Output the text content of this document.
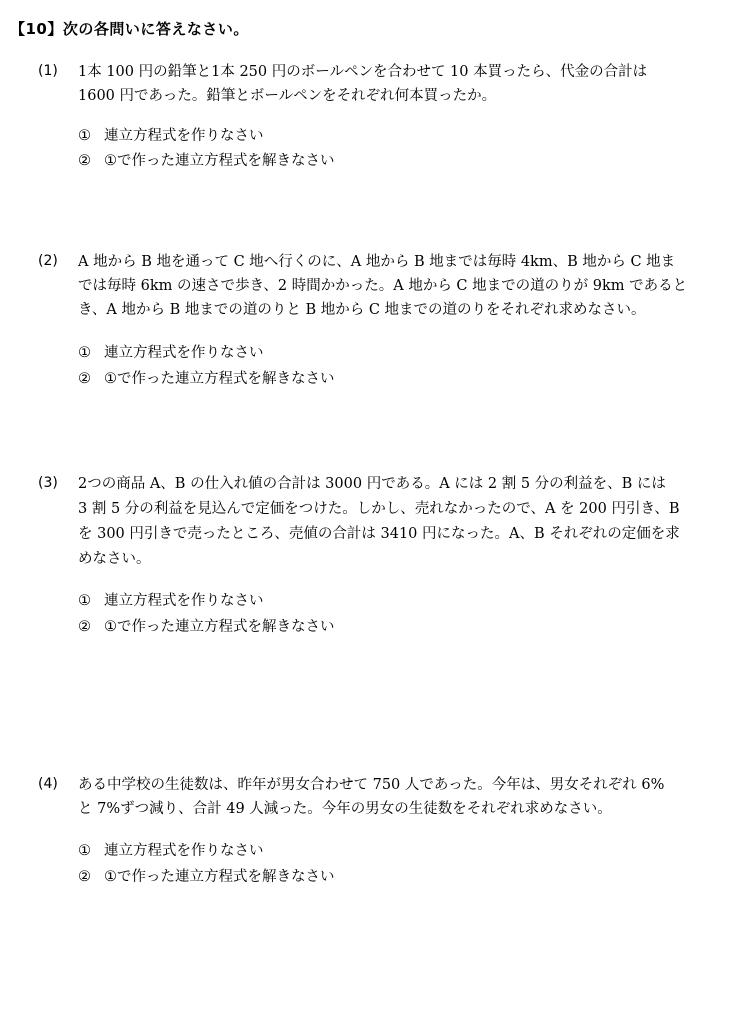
【10】次の各問いに答えなさい。
(1) 1本 100 円の鉛筆と1本 250 円のボールペンを合わせて 10 本買ったら、代金の合計は
1600 円であった。鉛筆とボールペンをそれぞれ何本買ったか。
① 連立方程式を作りなさい
② ①で作った連立方程式を解きなさい
(2) A 地から B 地を通って C 地へ行くのに、A 地から B 地までは毎時 4km、B 地から C 地ま
では毎時 6km の速さで歩き、2 時間かかった。A 地から C 地までの道のりが 9km であると
き、A 地から B 地までの道のりと B 地から C 地までの道のりをそれぞれ求めなさい。
① 連立方程式を作りなさい
② ①で作った連立方程式を解きなさい
(3) 2つの商品 A、B の仕入れ値の合計は 3000 円である。A には 2 割 5 分の利益を、B には
3 割 5 分の利益を見込んで定価をつけた。しかし、売れなかったので、A を 200 円引き、B
を 300 円引きで売ったところ、売値の合計は 3410 円になった。A、B それぞれの定価を求
めなさい。
① 連立方程式を作りなさい
② ①で作った連立方程式を解きなさい
(4) ある中学校の生徒数は、昨年が男女合わせて 750 人であった。今年は、男女それぞれ 6%
と 7%ずつ減り、合計 49 人減った。今年の男女の生徒数をそれぞれ求めなさい。
① 連立方程式を作りなさい
② ①で作った連立方程式を解きなさい
